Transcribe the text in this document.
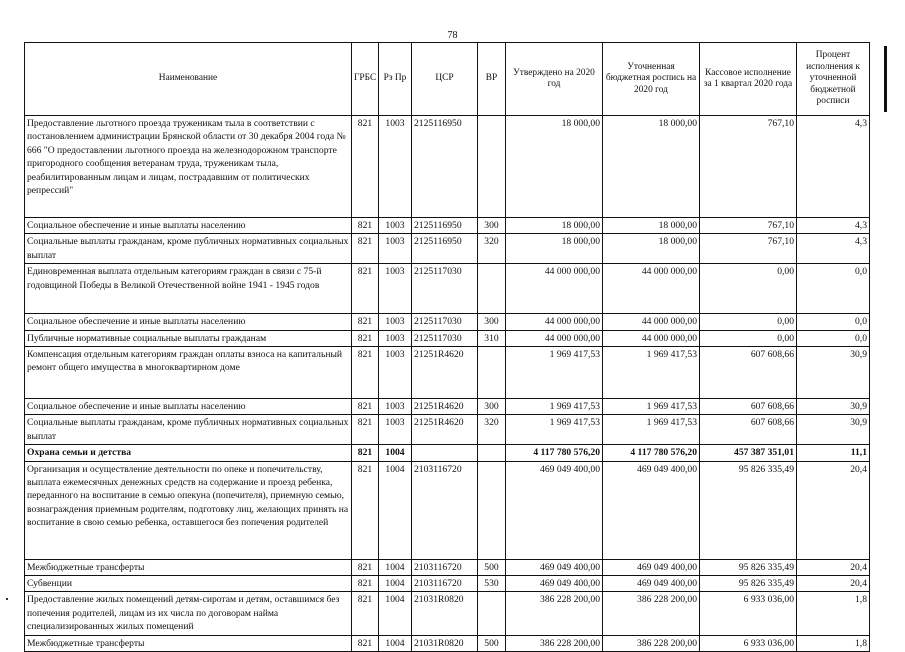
78
Наименование	ГРБС	Рз Пр	ЦСР	ВР	Утверждено на 2020 год	Уточненная бюджетная роспись на 2020 год	Кассовое исполнение за 1 квартал 2020 года	Процент исполнения к уточненной бюджетной росписи
Предоставление льготного проезда труженикам тыла в соответствии с постановлением администрации Брянской области от 30 декабря 2004 года № 666 "О предоставлении льготного проезда на железнодорожном транспорте пригородного сообщения ветеранам труда, труженикам тыла, реабилитированным лицам и лицам, пострадавшим от политических репрессий"	821	1003	2125116950		18 000,00	18 000,00	767,10	4,3
Социальное обеспечение и иные выплаты населению	821	1003	2125116950	300	18 000,00	18 000,00	767,10	4,3
Социальные выплаты гражданам, кроме публичных нормативных социальных выплат	821	1003	2125116950	320	18 000,00	18 000,00	767,10	4,3
Единовременная выплата отдельным категориям граждан в связи с 75-й годовщиной Победы в Великой Отечественной войне 1941 - 1945 годов	821	1003	2125117030		44 000 000,00	44 000 000,00	0,00	0,0
Социальное обеспечение и иные выплаты населению	821	1003	2125117030	300	44 000 000,00	44 000 000,00	0,00	0,0
Публичные нормативные социальные выплаты гражданам	821	1003	2125117030	310	44 000 000,00	44 000 000,00	0,00	0,0
Компенсация отдельным категориям граждан оплаты взноса на капитальный ремонт общего имущества в многоквартирном доме	821	1003	21251R4620		1 969 417,53	1 969 417,53	607 608,66	30,9
Социальное обеспечение и иные выплаты населению	821	1003	21251R4620	300	1 969 417,53	1 969 417,53	607 608,66	30,9
Социальные выплаты гражданам, кроме публичных нормативных социальных выплат	821	1003	21251R4620	320	1 969 417,53	1 969 417,53	607 608,66	30,9
Охрана семьи и детства	821	1004			4 117 780 576,20	4 117 780 576,20	457 387 351,01	11,1
Организация и осуществление деятельности по опеке и попечительству, выплата ежемесячных денежных средств на содержание и проезд ребенка, переданного на воспитание в семью опекуна (попечителя), приемную семью, вознаграждения приемным родителям, подготовку лиц, желающих принять на воспитание в свою семью ребенка, оставшегося без попечения родителей	821	1004	2103116720		469 049 400,00	469 049 400,00	95 826 335,49	20,4
Межбюджетные трансферты	821	1004	2103116720	500	469 049 400,00	469 049 400,00	95 826 335,49	20,4
Субвенции	821	1004	2103116720	530	469 049 400,00	469 049 400,00	95 826 335,49	20,4
Предоставление жилых помещений детям-сиротам и детям, оставшимся без попечения родителей, лицам из их числа по договорам найма специализированных жилых помещений	821	1004	21031R0820		386 228 200,00	386 228 200,00	6 933 036,00	1,8
Межбюджетные трансферты	821	1004	21031R0820	500	386 228 200,00	386 228 200,00	6 933 036,00	1,8
